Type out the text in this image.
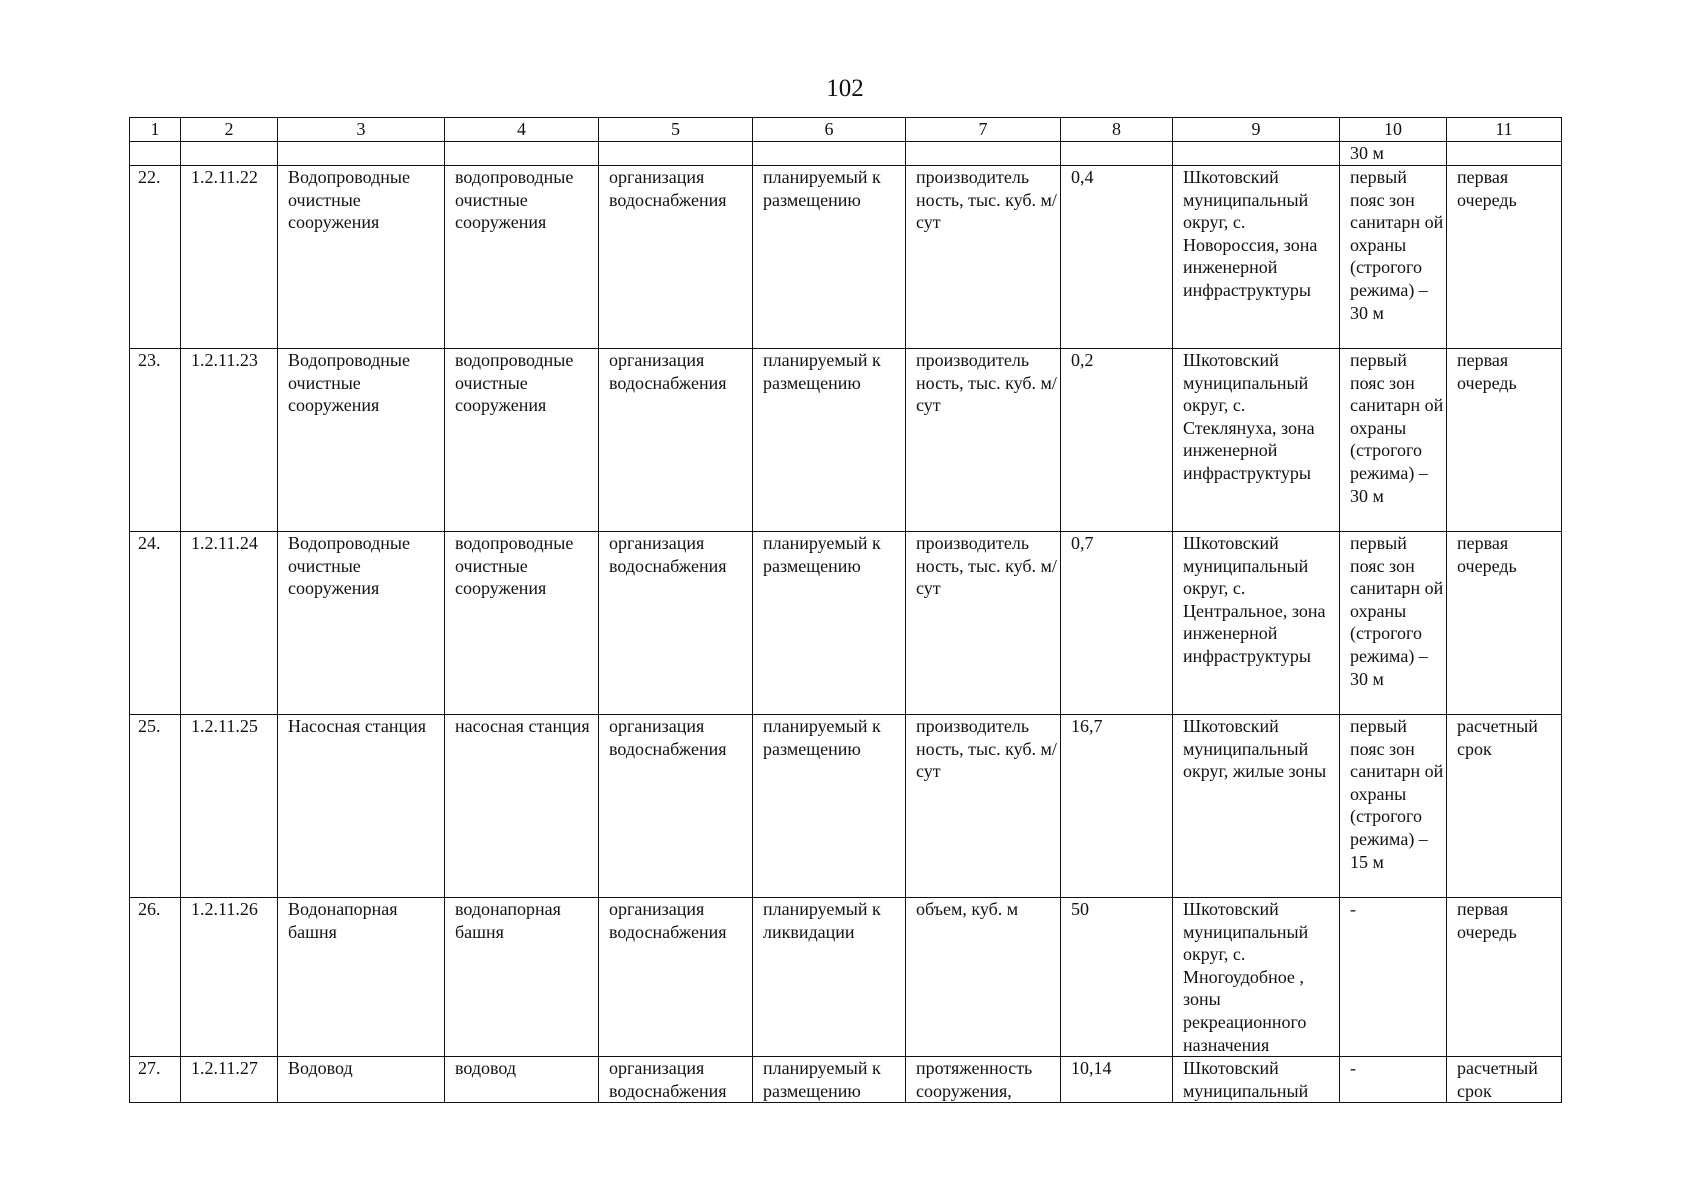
102
1	2	3	4	5	6	7	8	9	10	11
									30 м	
22.	1.2.11.22	Водопроводные очистные сооружения	водопроводные очистные сооружения	организация водоснабжения	планируемый к размещению	производитель ность, тыс. куб. м/сут	0,4	Шкотовский муниципальный округ, с. Новороссия, зона инженерной инфраструктуры	первый пояс зон санитарн ой охраны (строгого режима) – 30 м	первая очередь
23.	1.2.11.23	Водопроводные очистные сооружения	водопроводные очистные сооружения	организация водоснабжения	планируемый к размещению	производитель ность, тыс. куб. м/сут	0,2	Шкотовский муниципальный округ, с. Стеклянуха, зона инженерной инфраструктуры	первый пояс зон санитарн ой охраны (строгого режима) – 30 м	первая очередь
24.	1.2.11.24	Водопроводные очистные сооружения	водопроводные очистные сооружения	организация водоснабжения	планируемый к размещению	производитель ность, тыс. куб. м/сут	0,7	Шкотовский муниципальный округ, с. Центральное, зона инженерной инфраструктуры	первый пояс зон санитарн ой охраны (строгого режима) – 30 м	первая очередь
25.	1.2.11.25	Насосная станция	насосная станция	организация водоснабжения	планируемый к размещению	производитель ность, тыс. куб. м/сут	16,7	Шкотовский муниципальный округ, жилые зоны	первый пояс зон санитарн ой охраны (строгого режима) – 15 м	расчетный срок
26.	1.2.11.26	Водонапорная башня	водонапорная башня	организация водоснабжения	планируемый к ликвидации	объем, куб. м	50	Шкотовский муниципальный округ, с. Многоудобное , зоны рекреационного назначения	-	первая очередь
27.	1.2.11.27	Водовод	водовод	организация водоснабжения	планируемый к размещению	протяженность сооружения,	10,14	Шкотовский муниципальный	-	расчетный срок
